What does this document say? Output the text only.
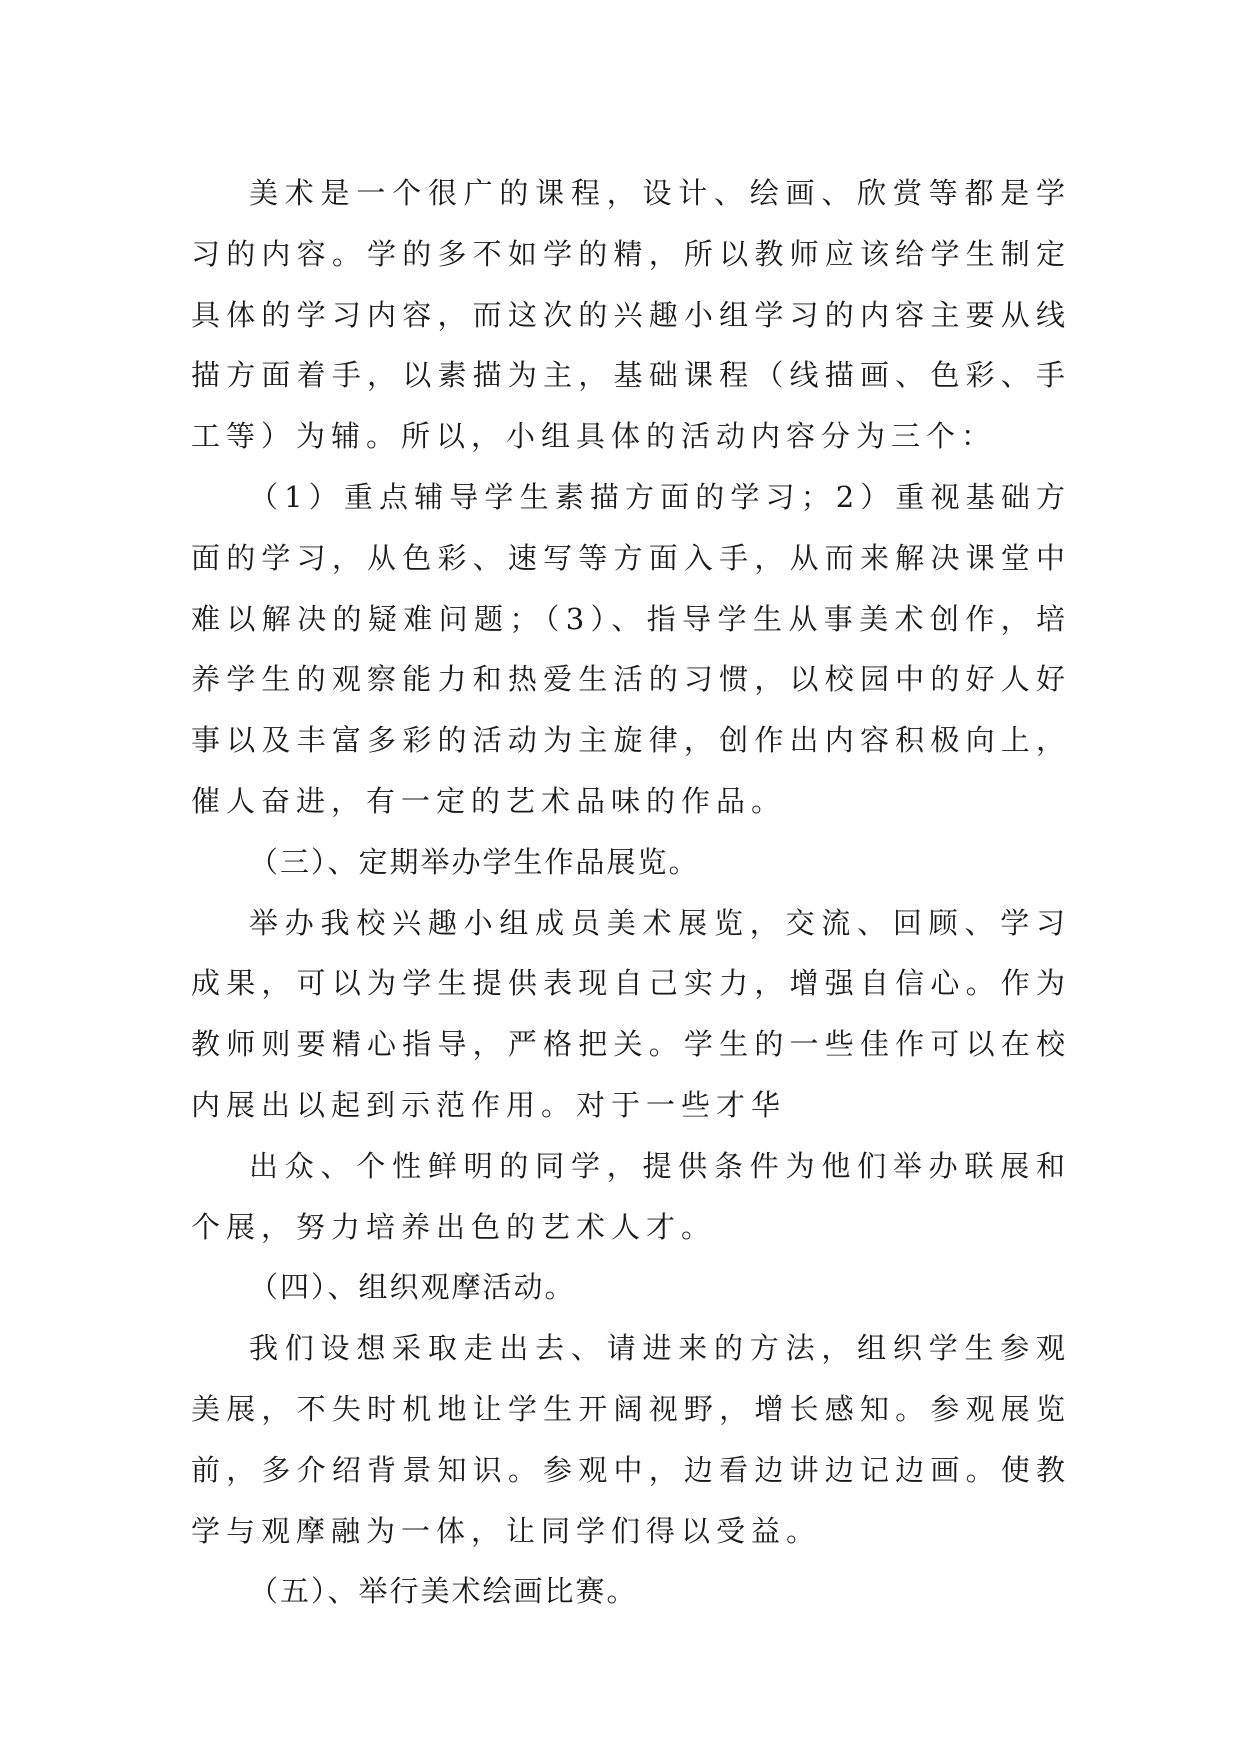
美术是一个很广的课程，设计、绘画、欣赏等都是学习的内容。学的多不如学的精，所以教师应该给学生制定具体的学习内容，而这次的兴趣小组学习的内容主要从线描方面着手，以素描为主，基础课程（线描画、色彩、手工等）为辅。所以，小组具体的活动内容分为三个：

（1）重点辅导学生素描方面的学习；2）重视基础方面的学习，从色彩、速写等方面入手，从而来解决课堂中难以解决的疑难问题；（3）、指导学生从事美术创作，培养学生的观察能力和热爱生活的习惯，以校园中的好人好事以及丰富多彩的活动为主旋律，创作出内容积极向上，催人奋进，有一定的艺术品味的作品。

（三）、定期举办学生作品展览。

举办我校兴趣小组成员美术展览，交流、回顾、学习成果，可以为学生提供表现自己实力，增强自信心。作为教师则要精心指导，严格把关。学生的一些佳作可以在校内展出以起到示范作用。对于一些才华

出众、个性鲜明的同学，提供条件为他们举办联展和个展，努力培养出色的艺术人才。

（四）、组织观摩活动。

我们设想采取走出去、请进来的方法，组织学生参观美展，不失时机地让学生开阔视野，增长感知。参观展览前，多介绍背景知识。参观中，边看边讲边记边画。使教学与观摩融为一体，让同学们得以受益。

（五）、举行美术绘画比赛。
